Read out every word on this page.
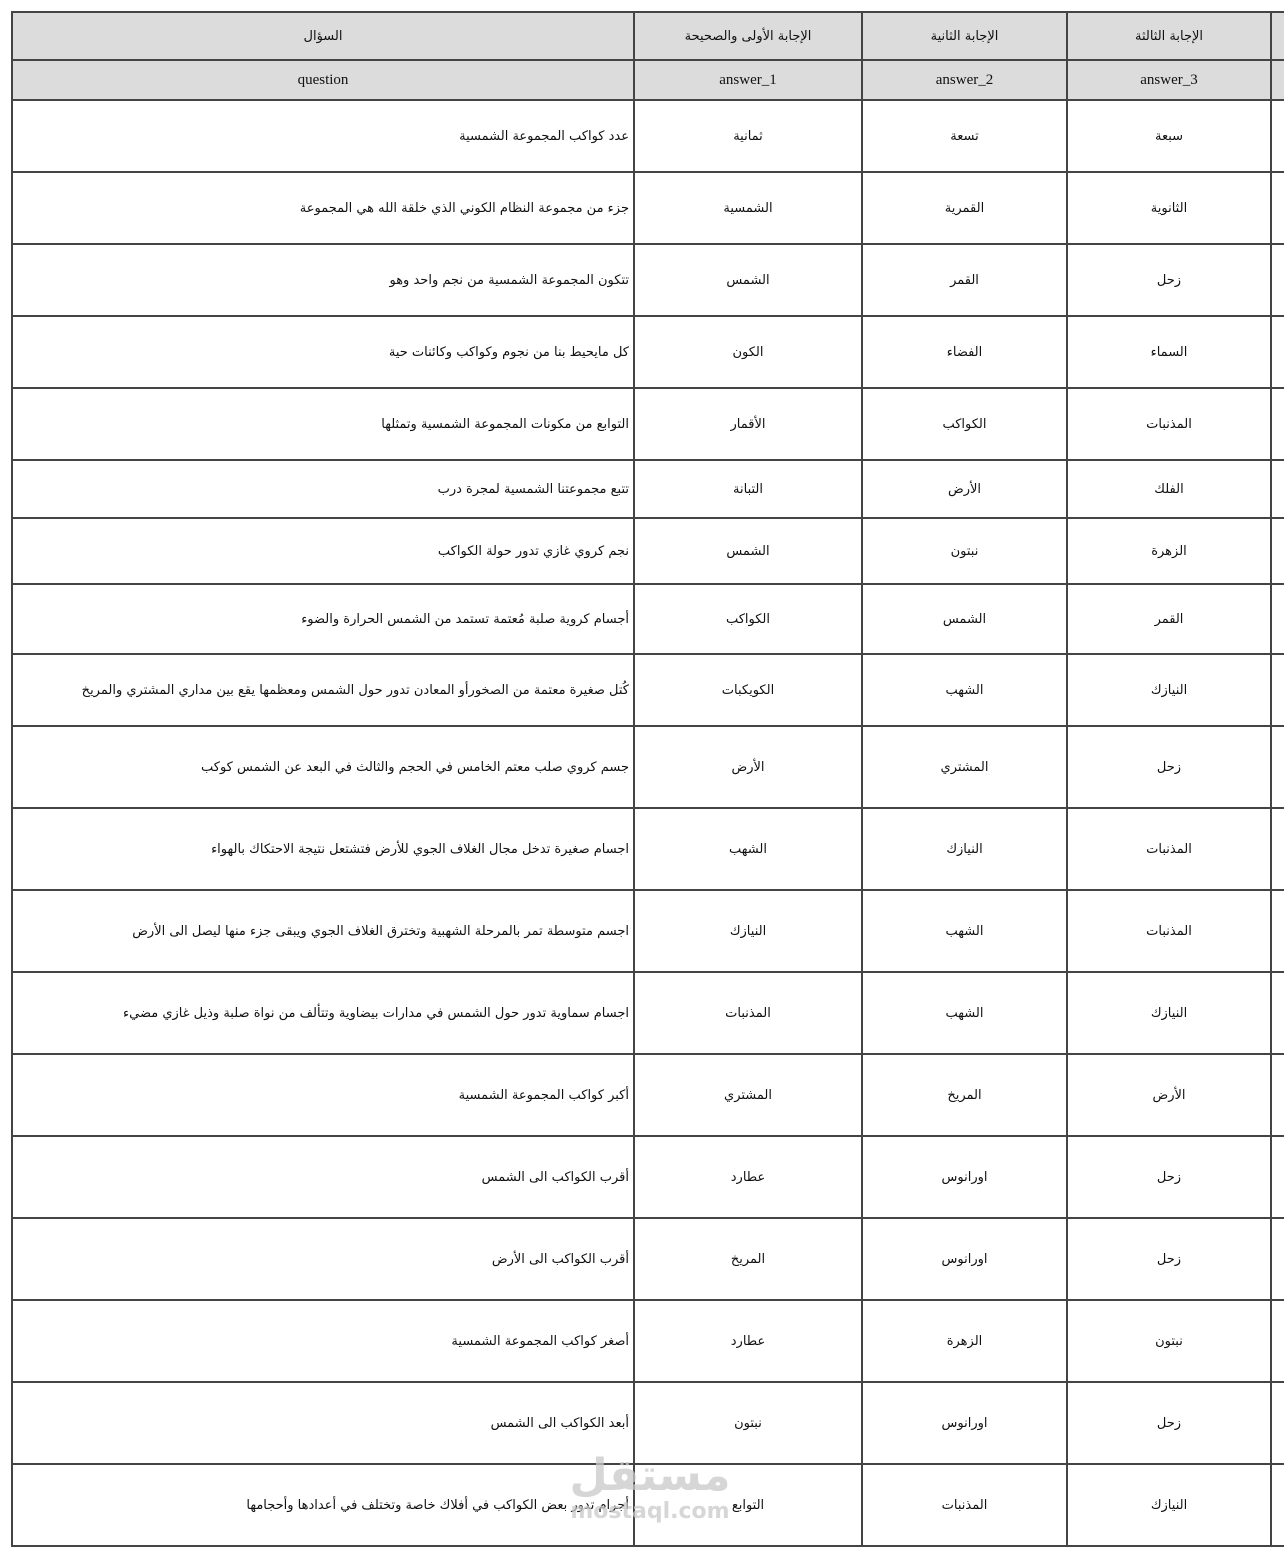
السؤال	الإجابة الأولى والصحيحة	الإجابة الثانية	الإجابة الثالثة	
question	answer_1	answer_2	answer_3	
عدد كواكب المجموعة الشمسية	ثمانية	تسعة	سبعة	
جزء من مجموعة النظام الكوني الذي خلقة الله هي المجموعة	الشمسية	القمرية	الثانوية	
تتكون المجموعة الشمسية من نجم واحد وهو	الشمس	القمر	زحل	
كل مايحيط بنا من نجوم وكواكب وكائنات حية	الكون	الفضاء	السماء	
التوابع من مكونات المجموعة الشمسية وتمثلها	الأقمار	الكواكب	المذنبات	
تتبع مجموعتنا الشمسية لمجرة درب	التبانة	الأرض	الفلك	
نجم كروي غازي تدور حولة الكواكب	الشمس	نبتون	الزهرة	
أجسام كروية صلبة مُعتمة تستمد من الشمس الحرارة والضوء	الكواكب	الشمس	القمر	
كُتل صغيرة معتمة من الصخورأو المعادن تدور حول الشمس ومعظمها يقع بين مداري المشتري والمريخ	الكويكبات	الشهب	النيازك	
جسم كروي صلب معتم الخامس في الحجم والثالث في البعد عن الشمس كوكب	الأرض	المشتري	زحل	
اجسام صغيرة تدخل مجال الغلاف الجوي للأرض فتشتعل نتيجة الاحتكاك بالهواء	الشهب	النيازك	المذنبات	
اجسم متوسطة تمر بالمرحلة الشهبية وتخترق الغلاف الجوي ويبقى جزء منها ليصل الى الأرض	النيازك	الشهب	المذنبات	
اجسام سماوية تدور حول الشمس في مدارات بيضاوية وتتألف من نواة صلبة وذيل غازي مضيء	المذنبات	الشهب	النيازك	
أكبر كواكب المجموعة الشمسية	المشتري	المريخ	الأرض	
أقرب الكواكب الى الشمس	عطارد	اورانوس	زحل	
أقرب الكواكب الى الأرض	المريخ	اورانوس	زحل	
أصغر كواكب المجموعة الشمسية	عطارد	الزهرة	نبتون	
أبعد الكواكب الى الشمس	نبتون	اورانوس	زحل	
أجرام تدور بعض الكواكب في أفلاك خاصة وتختلف في أعدادها وأحجامها	التوابع	المذنبات	النيازك	
مستقل
mostaql.com
